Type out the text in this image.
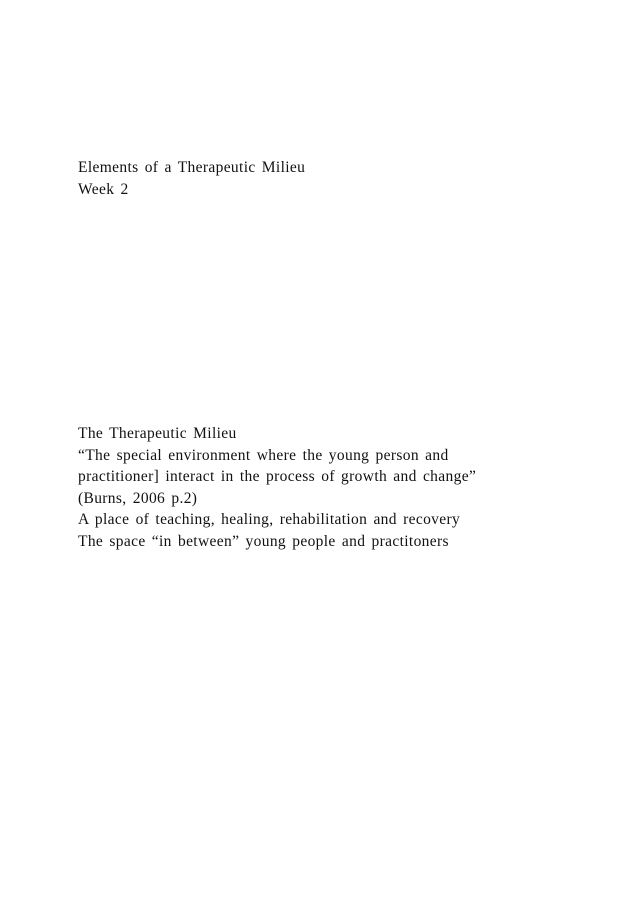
Elements of a Therapeutic Milieu
Week 2
The Therapeutic Milieu
“The special environment where the young person and
practitioner] interact in the process of growth and change”
(Burns, 2006 p.2)
A place of teaching, healing, rehabilitation and recovery
The space “in between” young people and practitoners
